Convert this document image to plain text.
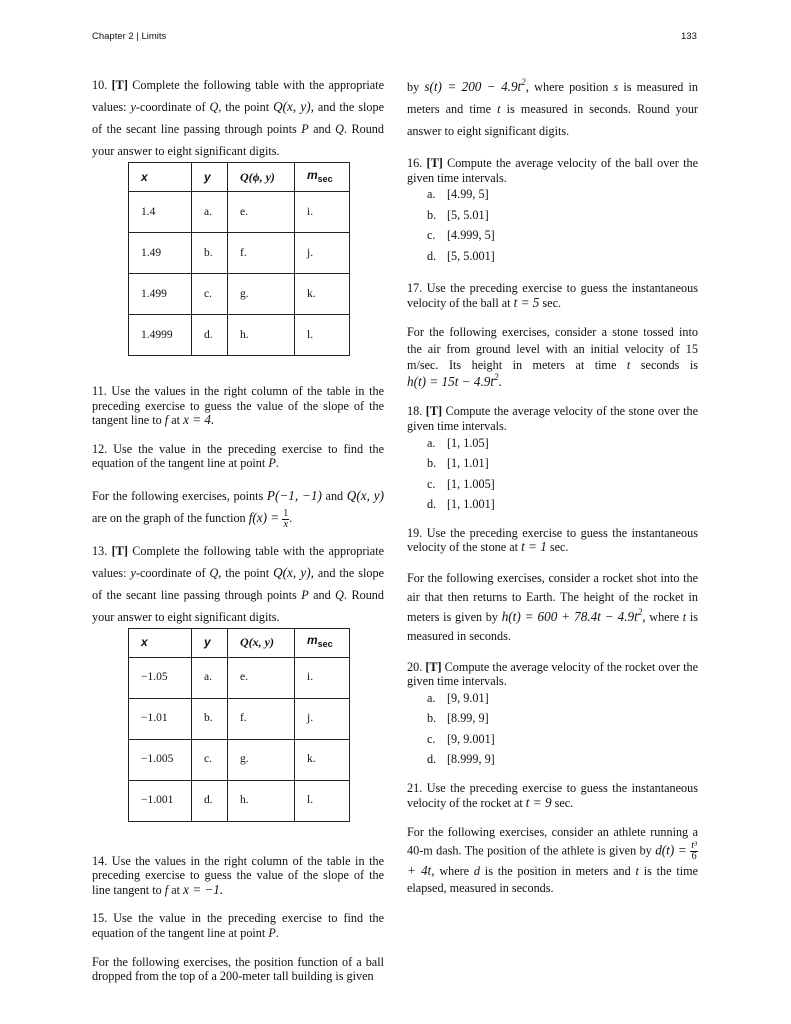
Chapter 2 | Limits	133

10. [T] Complete the following table with the appropriate values: y-coordinate of Q, the point Q(x, y), and the slope of the secant line passing through points P and Q. Round your answer to eight significant digits.

x	y	Q(ϕ, y)	$m_{sec}$
1.4	a.	e.	i.
1.49	b.	f.	j.
1.499	c.	g.	k.
1.4999	d.	h.	l.

11. Use the values in the right column of the table in the preceding exercise to guess the value of the slope of the tangent line to f at x = 4.

12. Use the value in the preceding exercise to find the equation of the tangent line at point P.

For the following exercises, points P(−1, −1) and Q(x, y) are on the graph of the function $f(x) = \frac{1}{x}$ .

13. [T] Complete the following table with the appropriate values: y-coordinate of Q, the point Q(x, y), and the slope of the secant line passing through points P and Q. Round your answer to eight significant digits.

x	y	Q(x, y)	$m_{sec}$
−1.05	a.	e.	i.
−1.01	b.	f.	j.
−1.005	c.	g.	k.
−1.001	d.	h.	l.

14. Use the values in the right column of the table in the preceding exercise to guess the value of the slope of the line tangent to f at x = −1.

15. Use the value in the preceding exercise to find the equation of the tangent line at point P.

For the following exercises, the position function of a ball dropped from the top of a 200-meter tall building is given

by $s(t) = 200 - 4.9t^2$, where position s is measured in meters and time t is measured in seconds. Round your answer to eight significant digits.

16. [T] Compute the average velocity of the ball over the given time intervals.

a. [4.99, 5]
b. [5, 5.01]
c. [4.999, 5]
d. [5, 5.001]

17. Use the preceding exercise to guess the instantaneous velocity of the ball at t = 5 sec.

For the following exercises, consider a stone tossed into the air from ground level with an initial velocity of 15 m/sec. Its height in meters at time t seconds is $h(t) = 15t - 4.9t^2$.

18. [T] Compute the average velocity of the stone over the given time intervals.

a. [1, 1.05]
b. [1, 1.01]
c. [1, 1.005]
d. [1, 1.001]

19. Use the preceding exercise to guess the instantaneous velocity of the stone at t = 1 sec.

For the following exercises, consider a rocket shot into the air that then returns to Earth. The height of the rocket in meters is given by $h(t) = 600 + 78.4t - 4.9t^2$, where t is measured in seconds.

20. [T] Compute the average velocity of the rocket over the given time intervals.

a. [9, 9.01]
b. [8.99, 9]
c. [9, 9.001]
d. [8.999, 9]

21. Use the preceding exercise to guess the instantaneous velocity of the rocket at t = 9 sec.

For the following exercises, consider an athlete running a 40-m dash. The position of the athlete is given by $d(t) = \frac{\text{t³}}{6}$
+ 4t, where d is the position in meters and t is the time elapsed, measured in seconds.
